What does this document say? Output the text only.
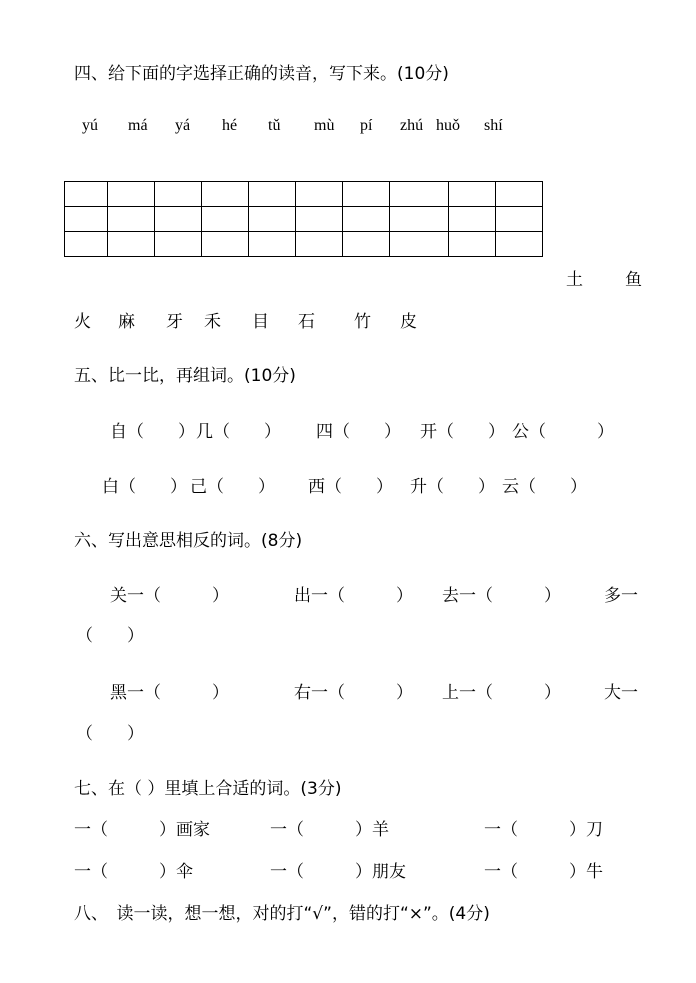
四、给下面的字选择正确的读音，写下来。(10分)
yú má yá hé tǔ mù pí zhú huǒ shí

土 鱼
火 麻 牙 禾 目 石 竹 皮
五、比一比，再组词。(10分)
自（　　） 几（　　） 四（　　） 开（　　） 公（　　　）
白（　　） 己（　　） 西（　　） 升（　　） 云（　　）
六、写出意思相反的词。(8分)
关一（　　　）	出一（　　　） 去一（　　　）	多一
（　　）
黑一（　　　）	右一（　　　） 上一（　　　）	大一
（　　）
七、在（ ）里填上合适的词。(3分)
一（　　　）画家	一（　　　）羊	一（　　　）刀
一（　　　）伞	一（　　　）朋友	一（　　　）牛
八、　读一读，想一想，对的打“√”，错的打“×”。(4分)
